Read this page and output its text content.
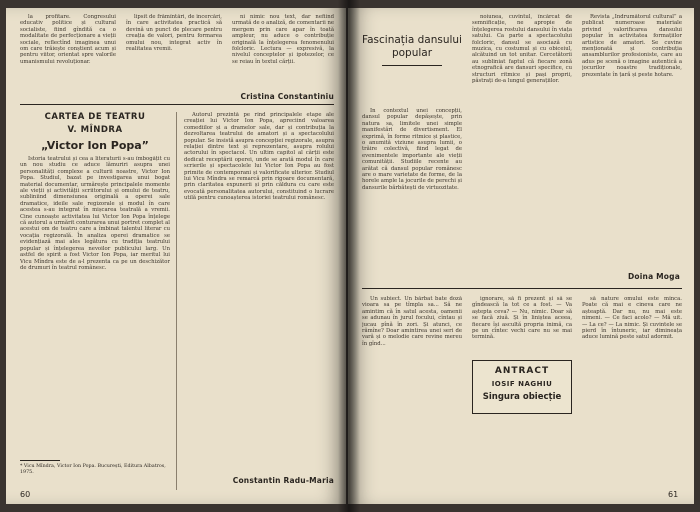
la profitare. Congresului educativ politice și cultural socialiste, fiind gîndită ca o modalitate de perfecționare a vieții sociale, reflectînd imaginea unui om care trăiește conștient acum și pentru viitor, orientat spre valorile umanismului revoluționar.

lipsit de frămîntări, de încercări, în care activitatea practică să devină un punct de plecare pentru creația de valori, pentru formarea omului nou, integrat activ în realitatea vremii.

ni nimic nou text, dar nefiind urmată de o analiză, de comentarii ne mergem prin care apar în toată ampleur, nu aduce o contribuție originală la înțelegerea fenomenului folcloric. Lectura — expresivă, la nivelul conceptelor și ipotezelor, ce se reiau în textul cărții.

Cristina Constantiniu
CARTEA DE TEATRU
V. MÎNDRA
„Victor Ion Popa”

Istoria teatrului și cea a literaturii s-au îmbogățit cu un nou studiu ce aduce lămuriri asupra unei personalități complexe a culturii noastre, Victor Ion Popa. Studiul, bazat pe investigarea unui bogat material documentar, urmărește principalele momente ale vieții și activității scriitorului și omului de teatru, subliniind dimensiunea originală a operei sale dramatice, ideile sale regizorale și modul în care acestea s-au integrat în mișcarea teatrală a vremii. Cine cunoaște activitatea lui Victor Ion Popa înțelege că autorul a urmărit conturarea unui portret complet al acestui om de teatru care a îmbinat talentul literar cu vocația regizorală. În analiza operei dramatice se evidențiază mai ales legătura cu tradiția teatrului popular și înțelegerea nevoilor publicului larg. Un astfel de spirit a fost Victor Ion Popa, iar meritul lui Vicu Mîndra este de a-l prezenta ca pe un deschizător de drumuri în teatrul românesc.

Autorul prezintă pe rînd principalele etape ale creației lui Victor Ion Popa, apreciind valoarea comediilor și a dramelor sale, dar și contribuția la dezvoltarea teatrului de amatori și a spectacolului popular. Se insistă asupra concepției regizorale, asupra relației dintre text și reprezentare, asupra rolului actorului în spectacol. Un ultim capitol al cărții este dedicat receptării operei, unde se arată modul în care scrierile și spectacolele lui Victor Ion Popa au fost primite de contemporani și valorificate ulterior. Studiul lui Vicu Mîndra se remarcă prin rigoare documentară, prin claritatea expunerii și prin căldura cu care este evocată personalitatea autorului, constituind o lucrare utilă pentru cunoașterea istoriei teatrului românesc.

Constantin Radu-Maria
* Vicu Mîndra, Victor Ion Popa. București, Editura Albatros, 1975.
60
Fascinația dansului popular

In contextul unei concepții, dansul popular depășește, prin natura sa, limitele unei simple manifestări de divertisment. El exprimă, în forme ritmice și plastice, o anumită viziune asupra lumii, o trăire colectivă, fiind legat de evenimentele importante ale vieții comunității. Studiile recente au arătat că dansul popular românesc are o mare varietate de forme, de la horele ample la jocurile de perechi și dansurile bărbătești de virtuozitate.

noiunea, cuvîntul, încărcat de semnificație, ne apropie de înțelegerea rostului dansului în viața satului. Ca parte a spectacolului folcloric, dansul se asociază cu muzica, cu costumul și cu obiceiul, alcătuind un tot unitar. Cercetătorii au subliniat faptul că fiecare zonă etnografică are dansuri specifice, cu structuri ritmice și pași proprii, păstrați de-a lungul generațiilor.

Revista „Îndrumătorul cultural” a publicat numeroase materiale privind valorificarea dansului popular în activitatea formațiilor artistice de amatori. Se cuvine menționată și contribuția ansamblurilor profesioniste, care au adus pe scenă o imagine autentică a jocurilor noastre tradiționale, prezentate în țară și peste hotare.

Doina Moga

Un subiect. Un bărbat bate doză vioara sa pe tîmpla sa... Să ne amintim că în satul acesta, oamenii se adunau în jurul focului, cîntau și jucau pînă în zori. Și atunci, ce rămîne? Doar amintirea unei seri de vară și o melodie care revine mereu în gînd...

ignorare, să fi prezent și să se gîndească la tot ce a fost. — Va aștepta ceva? — Nu, nimic. Doar să se facă ziuă. Și în liniștea aceea, fiecare își ascultă propria inimă, ca pe un cîntec vechi care nu se mai termină.

ANTRACT
IOSIF NAGHIU
Singura obiecție

să nature omului este mînca. Poate că mai e cineva care ne așteaptă. Dar nu, nu mai este nimeni. — Ce faci acolo? — Mă uit. — La ce? — La nimic. Și cuvintele se pierd în întuneric, iar dimineața aduce lumină peste satul adormit.

61
